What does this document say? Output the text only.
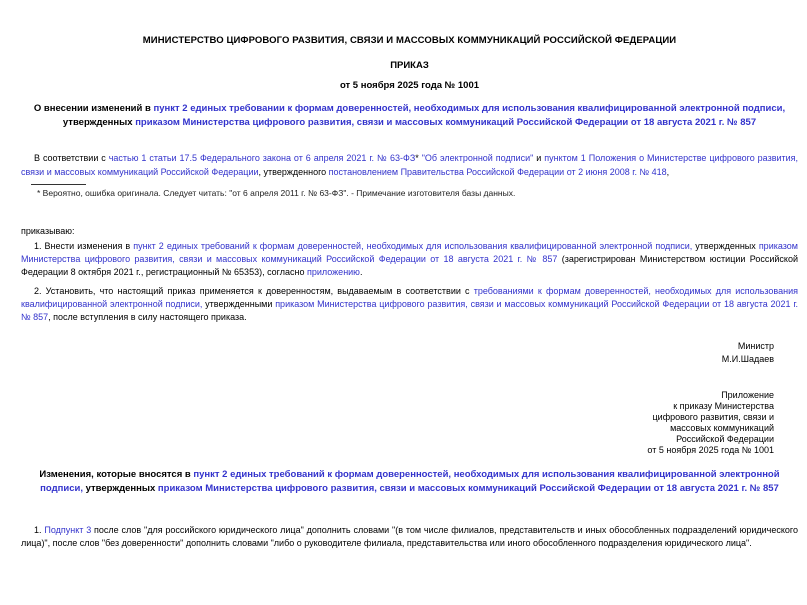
МИНИСТЕРСТВО ЦИФРОВОГО РАЗВИТИЯ, СВЯЗИ И МАССОВЫХ КОММУНИКАЦИЙ РОССИЙСКОЙ ФЕДЕРАЦИИ
ПРИКАЗ
от 5 ноября 2025 года № 1001
О внесении изменений в пункт 2 единых требовании к формам доверенностей, необходимых для использования квалифицированной электронной подписи, утвержденных приказом Министерства цифрового развития, связи и массовых коммуникаций Российской Федерации от 18 августа 2021 г. № 857
В соответствии с частью 1 статьи 17.5 Федерального закона от 6 апреля 2021 г. № 63-ФЗ* "Об электронной подписи" и пунктом 1 Положения о Министерстве цифрового развития, связи и массовых коммуникаций Российской Федерации, утвержденного постановлением Правительства Российской Федерации от 2 июня 2008 г. № 418,
* Вероятно, ошибка оригинала. Следует читать: "от 6 апреля 2011 г. № 63-ФЗ". - Примечание изготовителя базы данных.
приказываю:
1. Внести изменения в пункт 2 единых требований к формам доверенностей, необходимых для использования квалифицированной электронной подписи, утвержденных приказом Министерства цифрового развития, связи и массовых коммуникаций Российской Федерации от 18 августа 2021 г. № 857 (зарегистрирован Министерством юстиции Российской Федерации 8 октября 2021 г., регистрационный № 65353), согласно приложению.
2. Установить, что настоящий приказ применяется к доверенностям, выдаваемым в соответствии с требованиями к формам доверенностей, необходимых для использования квалифицированной электронной подписи, утвержденными приказом Министерства цифрового развития, связи и массовых коммуникаций Российской Федерации от 18 августа 2021 г. № 857, после вступления в силу настоящего приказа.
Министр
М.И.Шадаев
Приложение
к приказу Министерства
цифрового развития, связи и
массовых коммуникаций
Российской Федерации
от 5 ноября 2025 года № 1001
Изменения, которые вносятся в пункт 2 единых требований к формам доверенностей, необходимых для использования квалифицированной электронной подписи, утвержденных приказом Министерства цифрового развития, связи и массовых коммуникаций Российской Федерации от 18 августа 2021 г. № 857
1. Подпункт 3 после слов "для российского юридического лица" дополнить словами "(в том числе филиалов, представительств и иных обособленных подразделений юридического лица)", после слов "без доверенности" дополнить словами "либо о руководителе филиала, представительства или иного обособленного подразделения юридического лица".
